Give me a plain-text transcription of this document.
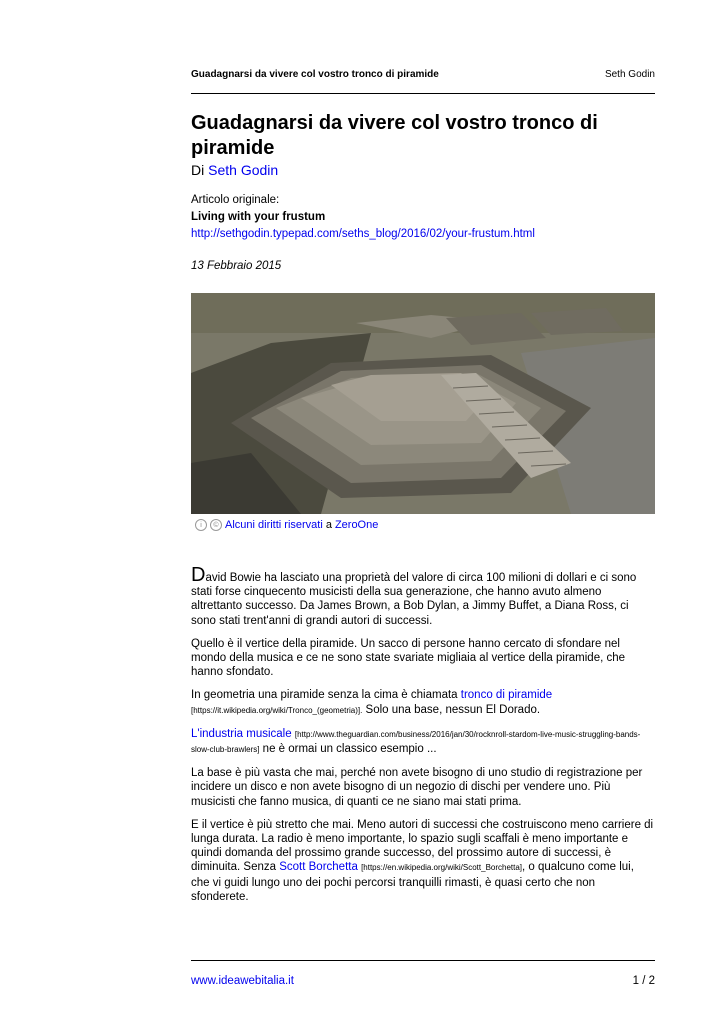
Guadagnarsi da vivere col vostro tronco di piramide	Seth Godin
Guadagnarsi da vivere col vostro tronco di piramide
Di Seth Godin
Articolo originale:
Living with your frustum
http://sethgodin.typepad.com/seths_blog/2016/02/your-frustum.html
13 Febbraio 2015
i	© Alcuni diritti riservati a ZeroOne

David Bowie ha lasciato una proprietà del valore di circa 100 milioni di dollari e ci sono stati forse cinquecento musicisti della sua generazione, che hanno avuto almeno altrettanto successo. Da James Brown, a Bob Dylan, a Jimmy Buffet, a Diana Ross, ci sono stati trent'anni di grandi autori di successi.

Quello è il vertice della piramide. Un sacco di persone hanno cercato di sfondare nel mondo della musica e ce ne sono state svariate migliaia al vertice della piramide, che hanno sfondato.

In geometria una piramide senza la cima è chiamata tronco di piramide
[https://it.wikipedia.org/wiki/Tronco_(geometria)]. Solo una base, nessun El Dorado.

L'industria musicale [http://www.theguardian.com/business/2016/jan/30/rocknroll-stardom-live-music-struggling-bands-slow-club-brawlers] ne è ormai un classico esempio ...

La base è più vasta che mai, perché non avete bisogno di uno studio di registrazione per incidere un disco e non avete bisogno di un negozio di dischi per vendere uno. Più musicisti che fanno musica, di quanti ce ne siano mai stati prima.

E il vertice è più stretto che mai. Meno autori di successi che costruiscono meno carriere di lunga durata. La radio è meno importante, lo spazio sugli scaffali è meno importante e quindi domanda del prossimo grande successo, del prossimo autore di successi, è diminuita. Senza Scott Borchetta [https://en.wikipedia.org/wiki/Scott_Borchetta], o qualcuno come lui, che vi guidi lungo uno dei pochi percorsi tranquilli rimasti, è quasi certo che non sfonderete.

www.ideawebitalia.it	1 / 2
